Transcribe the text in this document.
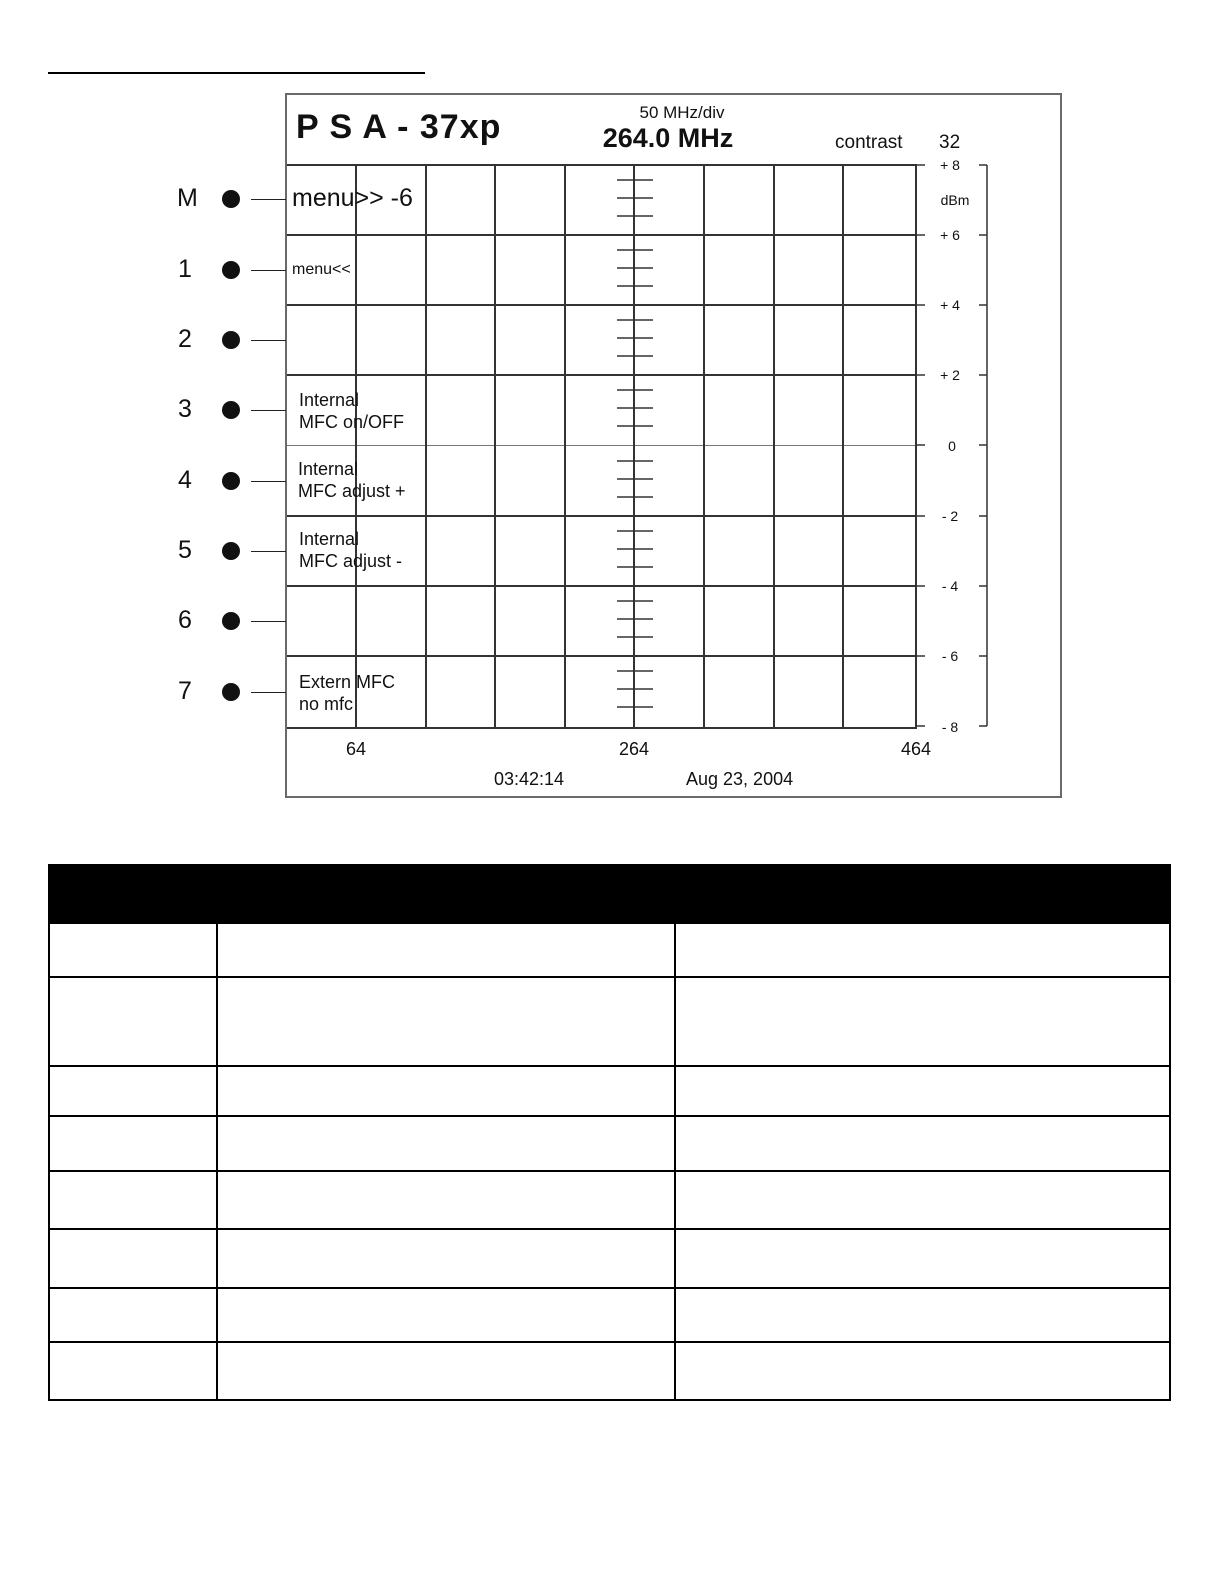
P S A - 37xp	50 MHz/div
264.0 MHz	contrast 32
menu>> -6
menu<<
Internal
MFC on/OFF
Internal
MFC adjust +
Internal
MFC adjust -
Extern MFC
no mfc
+ 8
dBm
+ 6
+ 4
+ 2
0
- 2
- 4
- 6
- 8
64	264	464
03:42:14	Aug 23, 2004
M
1
2
3
4
5
6
7
